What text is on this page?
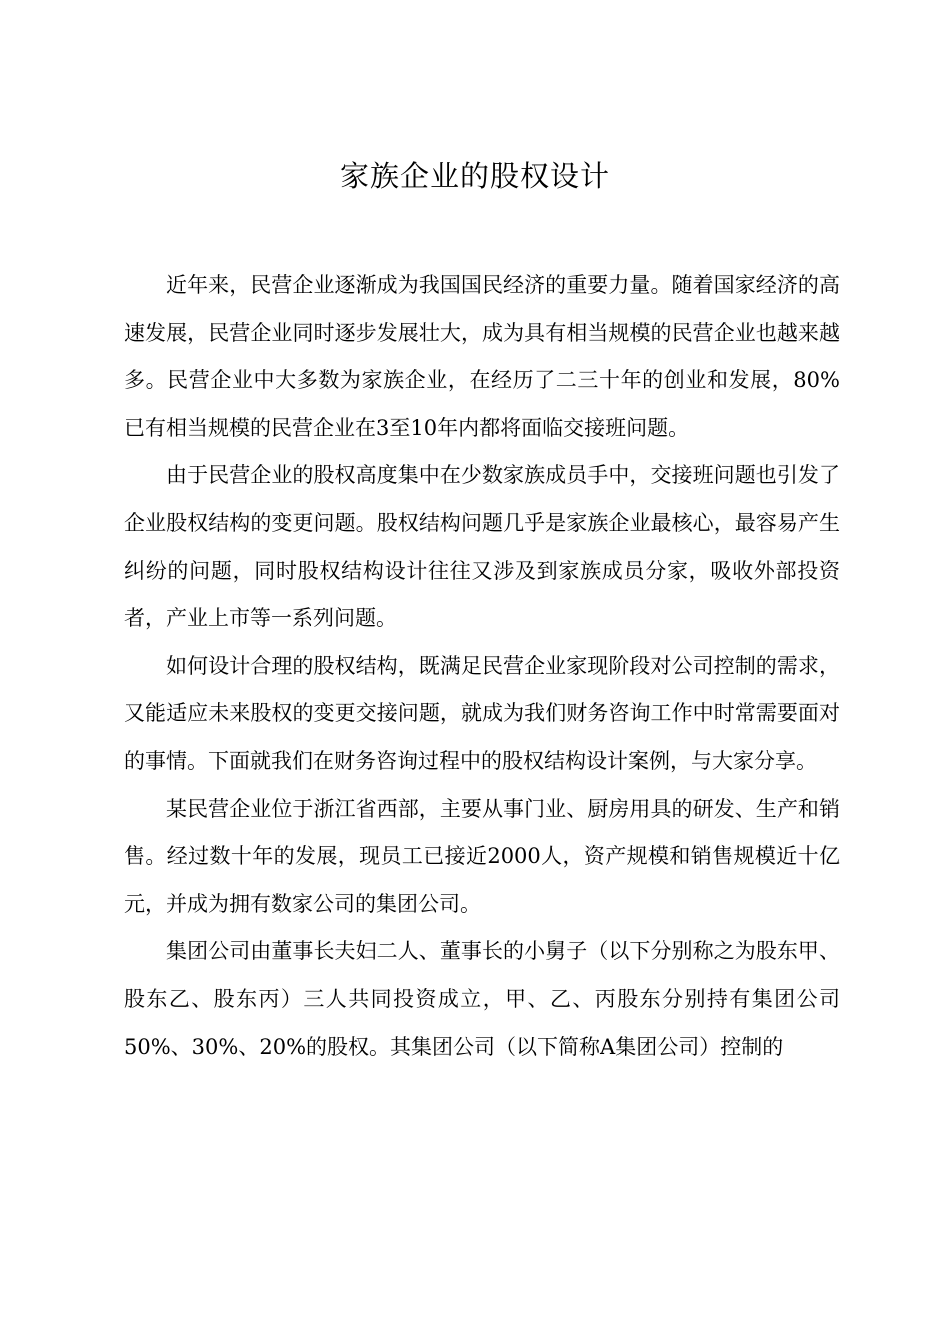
家族企业的股权设计

近年来，民营企业逐渐成为我国国民经济的重要力量。随着国家经济的高速发展，民营企业同时逐步发展壮大，成为具有相当规模的民营企业也越来越多。民营企业中大多数为家族企业，在经历了二三十年的创业和发展，80%已有相当规模的民营企业在3至10年内都将面临交接班问题。

由于民营企业的股权高度集中在少数家族成员手中，交接班问题也引发了企业股权结构的变更问题。股权结构问题几乎是家族企业最核心，最容易产生纠纷的问题，同时股权结构设计往往又涉及到家族成员分家，吸收外部投资者，产业上市等一系列问题。

如何设计合理的股权结构，既满足民营企业家现阶段对公司控制的需求，又能适应未来股权的变更交接问题，就成为我们财务咨询工作中时常需要面对的事情。下面就我们在财务咨询过程中的股权结构设计案例，与大家分享。

某民营企业位于浙江省西部，主要从事门业、厨房用具的研发、生产和销售。经过数十年的发展，现员工已接近2000人，资产规模和销售规模近十亿元，并成为拥有数家公司的集团公司。

集团公司由董事长夫妇二人、董事长的小舅子（以下分别称之为股东甲、股东乙、股东丙）三人共同投资成立，甲、乙、丙股东分别持有集团公司50%、30%、20%的股权。其集团公司（以下简称A集团公司）控制的
